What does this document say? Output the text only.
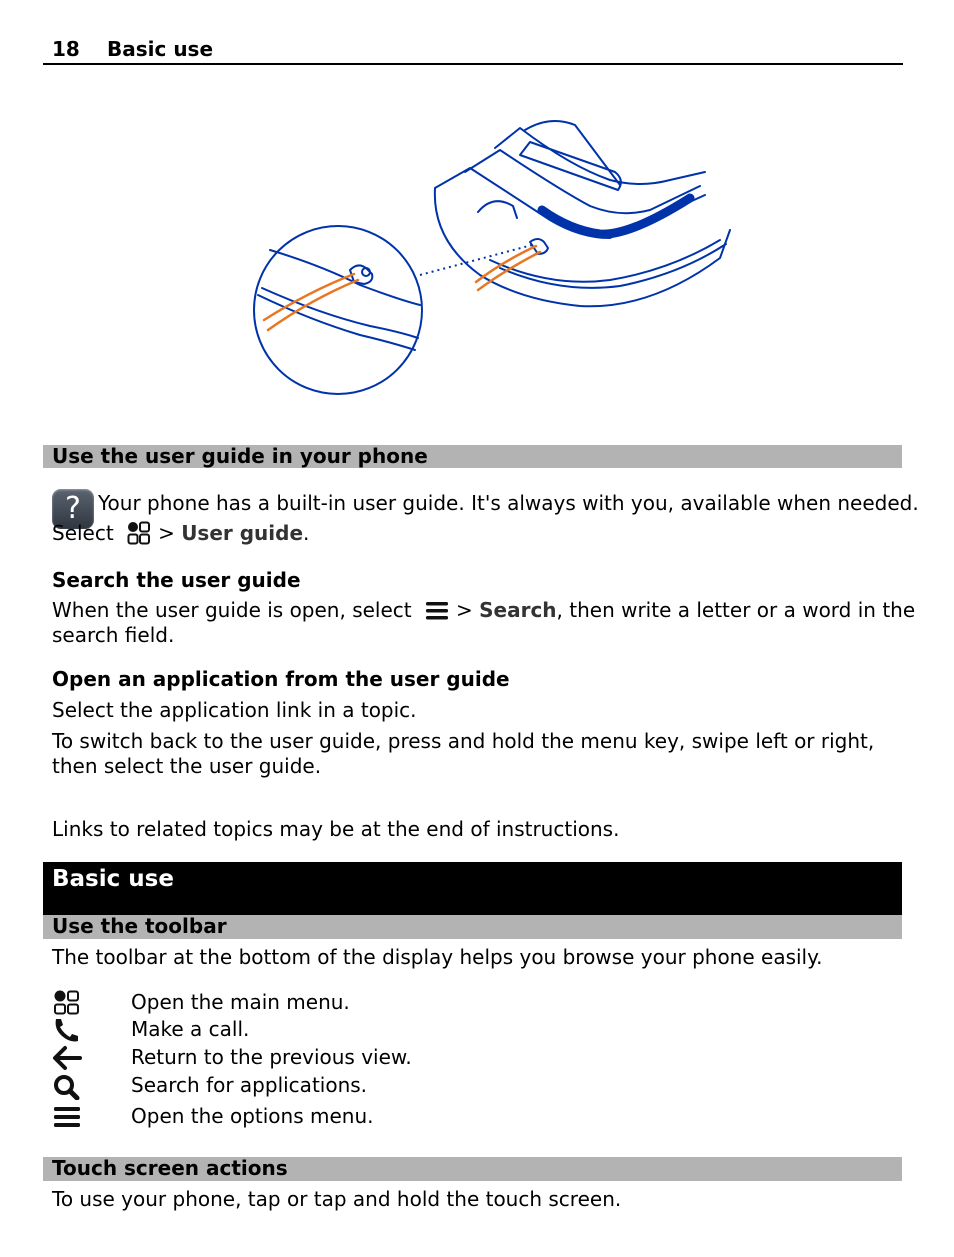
18 Basic use
Use the user guide in your phone
? Your phone has a built-in user guide. It's always with you, available when needed.
Select > User guide.
Search the user guide
When the user guide is open, select > Search, then write a letter or a word in the
search field.
Open an application from the user guide
Select the application link in a topic.
To switch back to the user guide, press and hold the menu key, swipe left or right,
then select the user guide.
Links to related topics may be at the end of instructions.
Basic use
Use the toolbar
The toolbar at the bottom of the display helps you browse your phone easily.
Open the main menu.
Make a call.
Return to the previous view.
Search for applications.
Open the options menu.
Touch screen actions
To use your phone, tap or tap and hold the touch screen.
